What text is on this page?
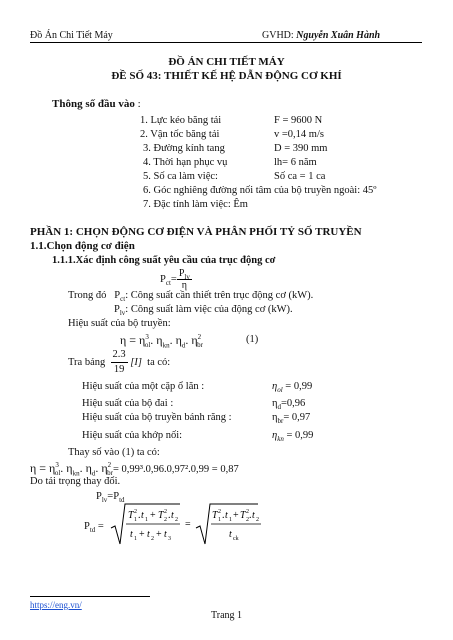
Đồ Án Chi Tiết Máy	GVHD: Nguyễn Xuân Hành
ĐỒ ÁN CHI TIẾT MÁY
ĐỀ SỐ 43: THIẾT KẾ HỆ DẪN ĐỘNG CƠ KHÍ
Thông số đầu vào :
1. Lực kéo băng tải	F = 9600 N
2. Vận tốc băng tải	v =0,14 m/s
3. Đường kính tang	D = 390 mm
4. Thời hạn phục vụ	lh= 6 năm
5. Số ca làm việc:	Số ca = 1 ca
6. Góc nghiêng đường nối tâm của bộ truyền ngoài: 45º
7. Đặc tính làm việc: Êm
PHẦN 1: CHỌN ĐỘNG CƠ ĐIỆN VÀ PHÂN PHỐI TỶ SỐ TRUYỀN
1.1.Chọn động cơ điện
1.1.1.Xác định công suất yêu cầu của trục động cơ
$P_{ct}= \frac{P_{lv}}{\eta}$
Trong đó $P_{ct}$: Công suất cần thiết trên trục động cơ (kW).
$P_{lv}$: Công suất làm việc của động cơ (kW).
Hiệu suất của bộ truyền:
$\eta = \eta^3_{ol}$. $\eta_{kn}$. $\eta_d$. $\eta^2_{br}$
(1)
Tra bảng $\frac{2.3}{19} [I]$ ta có:
Hiệu suất của một cặp ổ lăn :	$\eta_{ol} = 0,99$
Hiệu suất của bộ đai :	$\eta_d=0,96$
Hiệu suất của bộ truyền bánh răng :	$\eta_{br}= 0,97$
Hiệu suất của khớp nối:	$\eta_{kn} = 0,99$
Thay số vào (1) ta có:
$\eta = \eta^3_{ol}$. $\eta_{kn}$. $\eta_d$. $\eta^2_{br}= 0,99^3.0,96.0,97^2.0,99 = 0,87$
Do tải trọng thay đổi.
$P_{lv}=P_{td}$
$P_{td}$ =
T 2
1 . t 1 + T 2
2 . t 2
t 1 + t 2 + t 3
=
T 2
1 . t 1 + T 2
2 . t 2
t ck
https://eng.vn/
Trang 1
